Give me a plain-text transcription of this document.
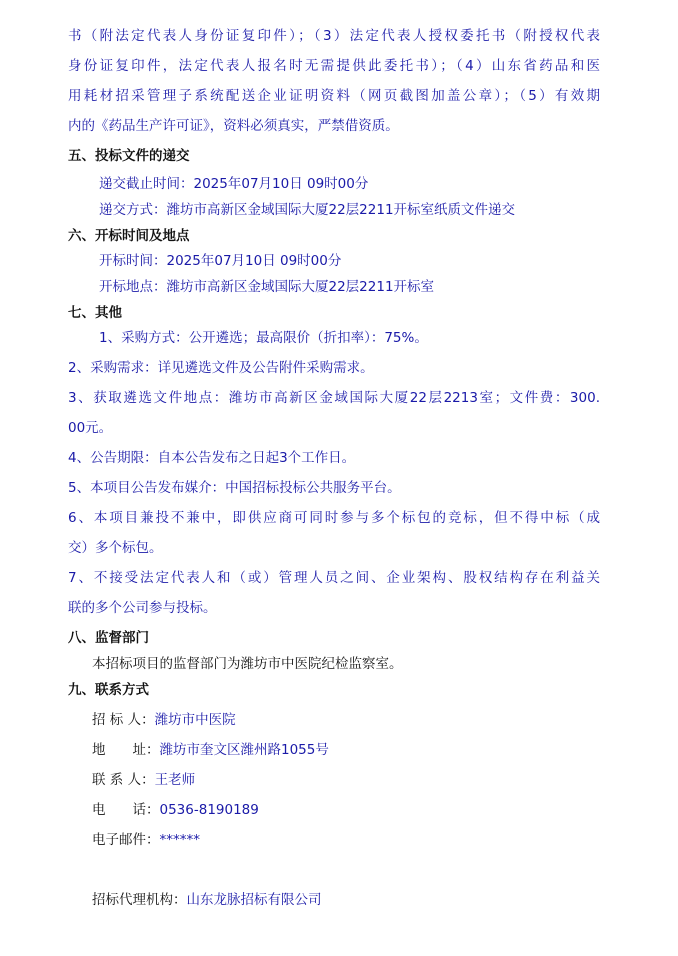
书（附法定代表人身份证复印件）；（3）法定代表人授权委托书（附授权代表
身份证复印件，法定代表人报名时无需提供此委托书）；（4）山东省药品和医
用耗材招采管理子系统配送企业证明资料（网页截图加盖公章）；（5）有效期
内的《药品生产许可证》，资料必须真实，严禁借资质。
五、投标文件的递交
递交截止时间：2025年07月10日 09时00分
递交方式：潍坊市高新区金域国际大厦22层2211开标室纸质文件递交
六、开标时间及地点
开标时间：2025年07月10日 09时00分
开标地点：潍坊市高新区金域国际大厦22层2211开标室
七、其他
1、采购方式：公开遴选；最高限价（折扣率）：75%。
2、采购需求：详见遴选文件及公告附件采购需求。
3、获取遴选文件地点：潍坊市高新区金域国际大厦22层2213室；文件费：300.
00元。
4、公告期限：自本公告发布之日起3个工作日。
5、本项目公告发布媒介：中国招标投标公共服务平台。
6、本项目兼投不兼中，即供应商可同时参与多个标包的竞标，但不得中标（成
交）多个标包。
7、不接受法定代表人和（或）管理人员之间、企业架构、股权结构存在利益关
联的多个公司参与投标。
八、监督部门
本招标项目的监督部门为潍坊市中医院纪检监察室。
九、联系方式
招 标 人：潍坊市中医院
地　　址：潍坊市奎文区潍州路1055号
联 系 人：王老师
电　　话：0536-8190189
电子邮件：******
招标代理机构：山东龙脉招标有限公司
